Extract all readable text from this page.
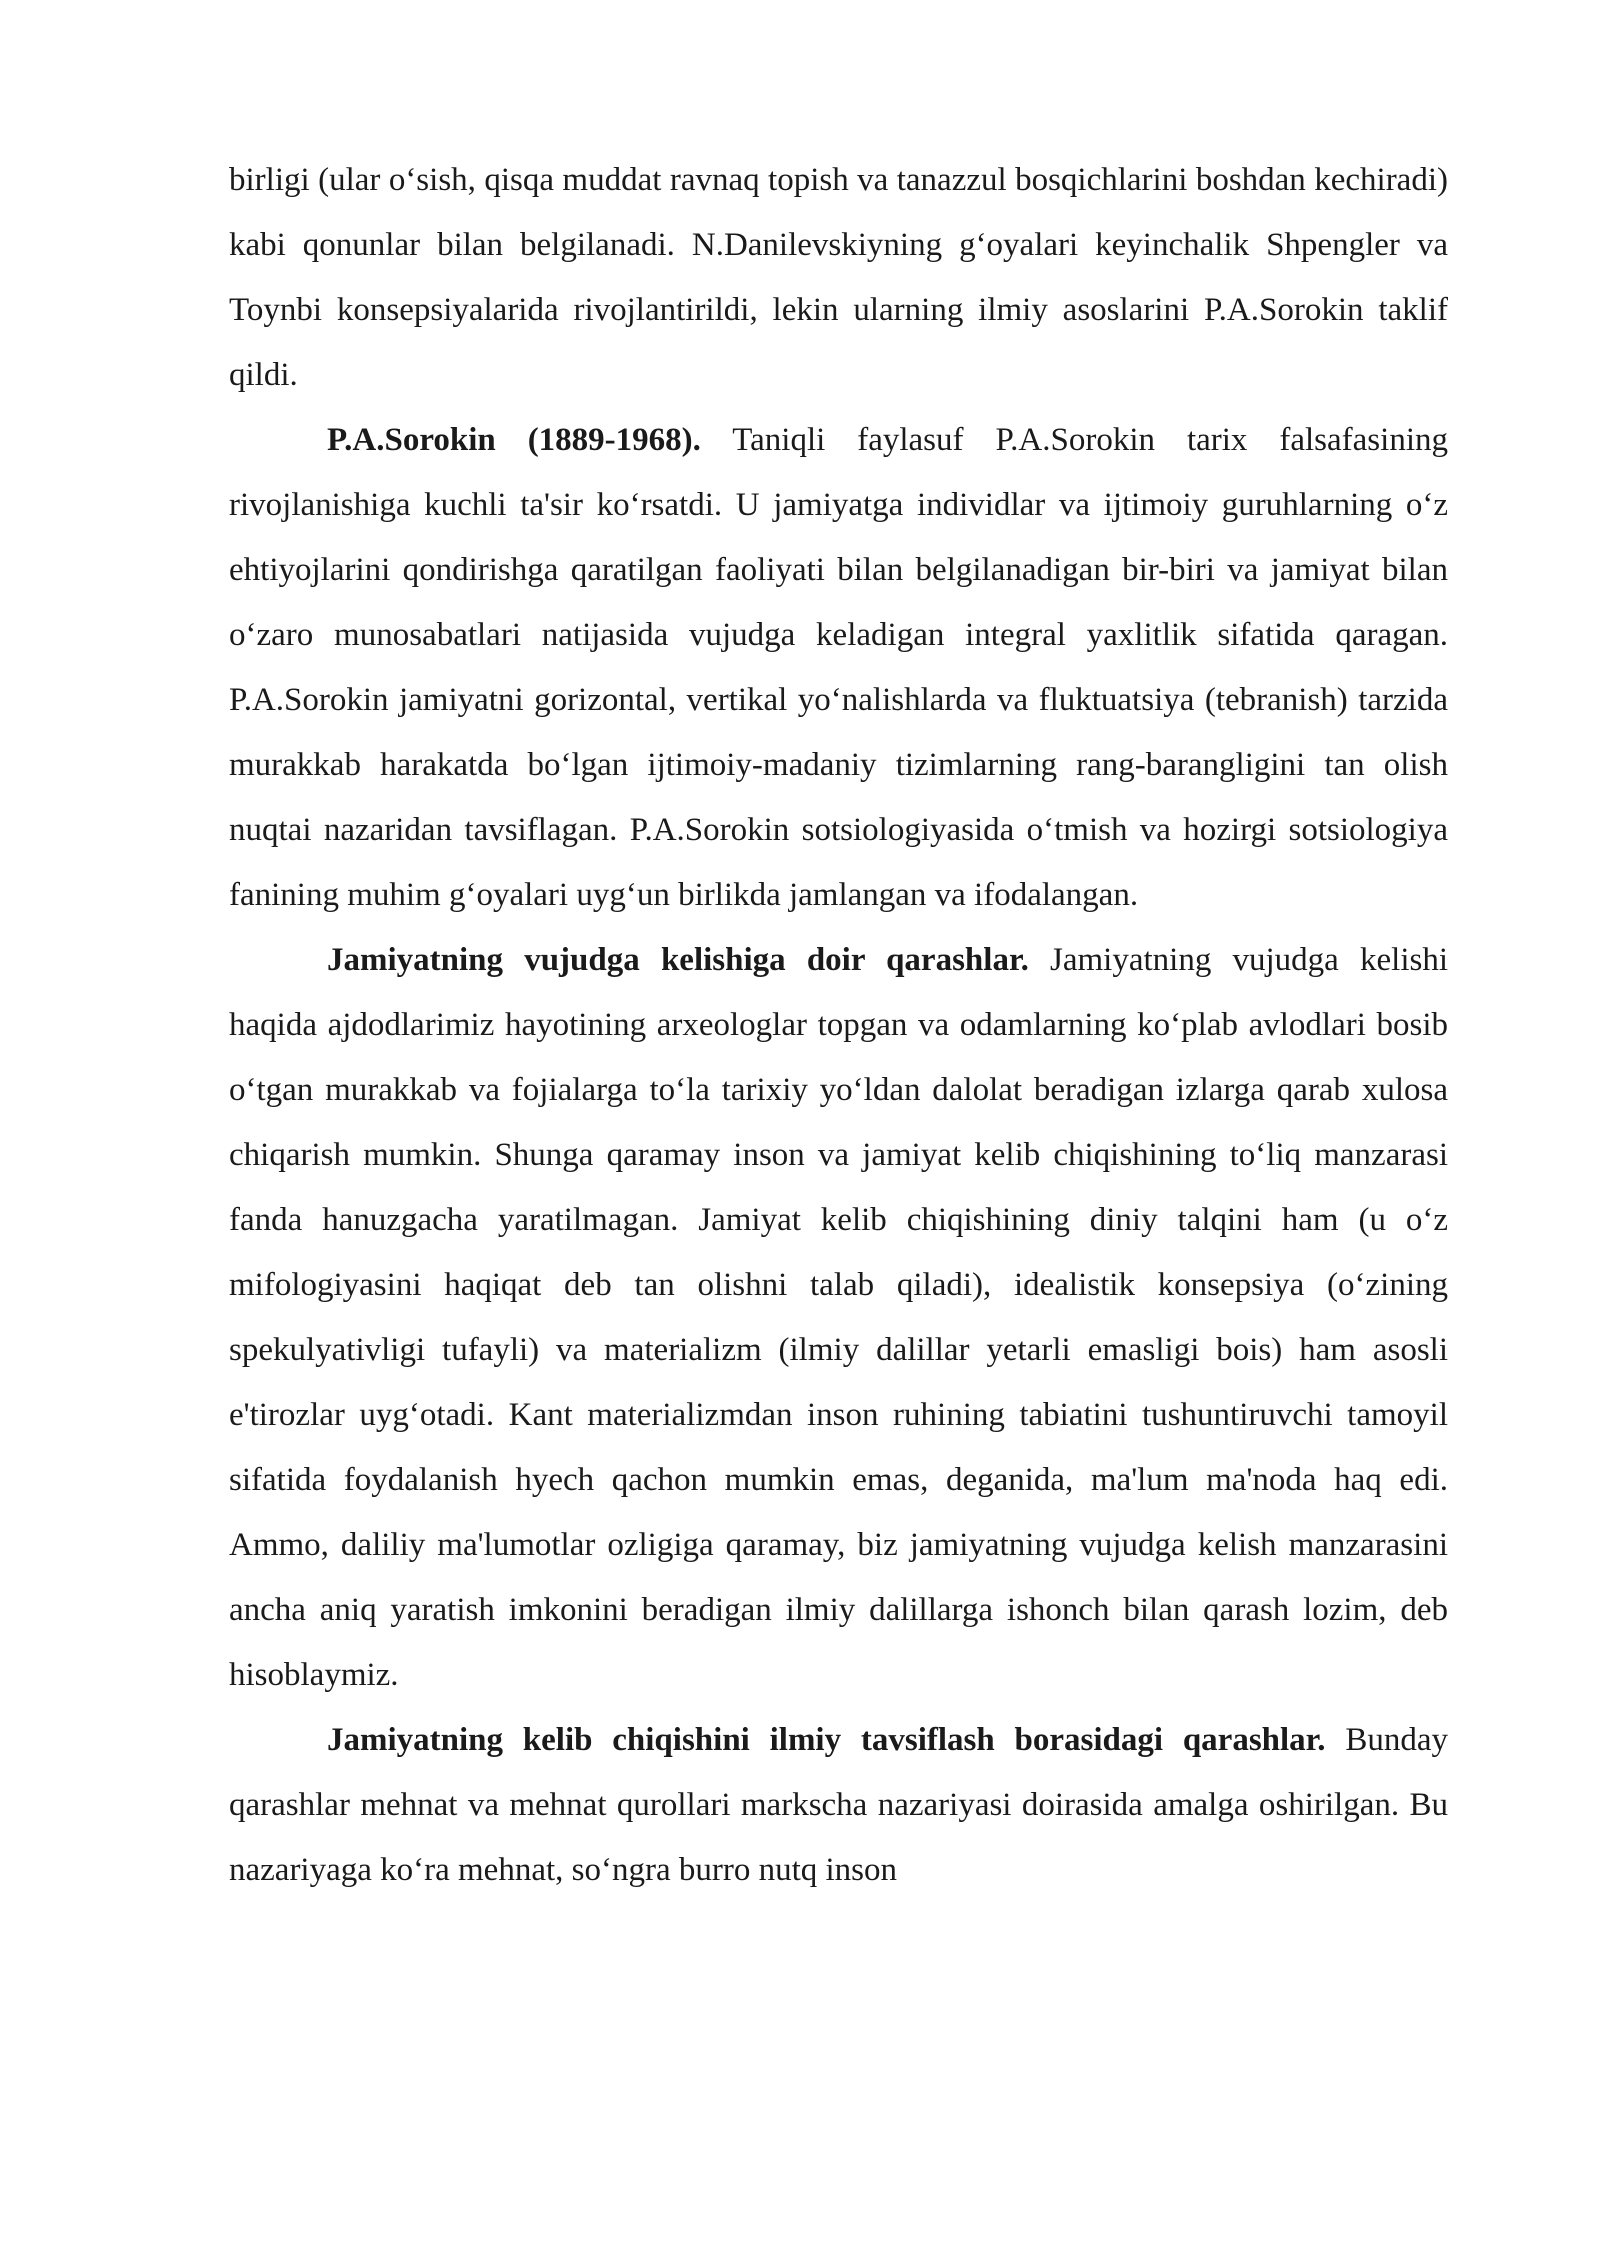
birligi (ular o‘sish, qisqa muddat ravnaq topish va tanazzul bosqichlarini boshdan kechiradi) kabi qonunlar bilan belgilanadi. N.Danilevskiyning g‘oyalari keyinchalik Shpengler va Toynbi konsepsiyalarida rivojlantirildi, lekin ularning ilmiy asoslarini P.A.Sorokin taklif qildi.

P.A.Sorokin (1889-1968). Taniqli faylasuf P.A.Sorokin tarix falsafasining rivojlanishiga kuchli ta'sir ko‘rsatdi. U jamiyatga individlar va ijtimoiy guruhlarning o‘z ehtiyojlarini qondirishga qaratilgan faoliyati bilan belgilanadigan bir-biri va jamiyat bilan o‘zaro munosabatlari natijasida vujudga keladigan integral yaxlitlik sifatida qaragan. P.A.Sorokin jamiyatni gorizontal, vertikal yo‘nalishlarda va fluktuatsiya (tebranish) tarzida murakkab harakatda bo‘lgan ijtimoiy-madaniy tizimlarning rang-barangligini tan olish nuqtai nazaridan tavsiflagan. P.A.Sorokin sotsiologiyasida o‘tmish va hozirgi sotsiologiya fanining muhim g‘oyalari uyg‘un birlikda jamlangan va ifodalangan.

Jamiyatning vujudga kelishiga doir qarashlar. Jamiyatning vujudga kelishi haqida ajdodlarimiz hayotining arxeologlar topgan va odamlarning ko‘plab avlodlari bosib o‘tgan murakkab va fojialarga to‘la tarixiy yo‘ldan dalolat beradigan izlarga qarab xulosa chiqarish mumkin. Shunga qaramay inson va jamiyat kelib chiqishining to‘liq manzarasi fanda hanuzgacha yaratilmagan. Jamiyat kelib chiqishining diniy talqini ham (u o‘z mifologiyasini haqiqat deb tan olishni talab qiladi), idealistik konsepsiya (o‘zining spekulyativligi tufayli) va materializm (ilmiy dalillar yetarli emasligi bois) ham asosli e'tirozlar uyg‘otadi. Kant materializmdan inson ruhining tabiatini tushuntiruvchi tamoyil sifatida foydalanish hyech qachon mumkin emas, deganida, ma'lum ma'noda haq edi. Ammo, daliliy ma'lumotlar ozligiga qaramay, biz jamiyatning vujudga kelish manzarasini ancha aniq yaratish imkonini beradigan ilmiy dalillarga ishonch bilan qarash lozim, deb hisoblaymiz.

Jamiyatning kelib chiqishini ilmiy tavsiflash borasidagi qarashlar. Bunday qarashlar mehnat va mehnat qurollari markscha nazariyasi doirasida amalga oshirilgan. Bu nazariyaga ko‘ra mehnat, so‘ngra burro nutq inson
